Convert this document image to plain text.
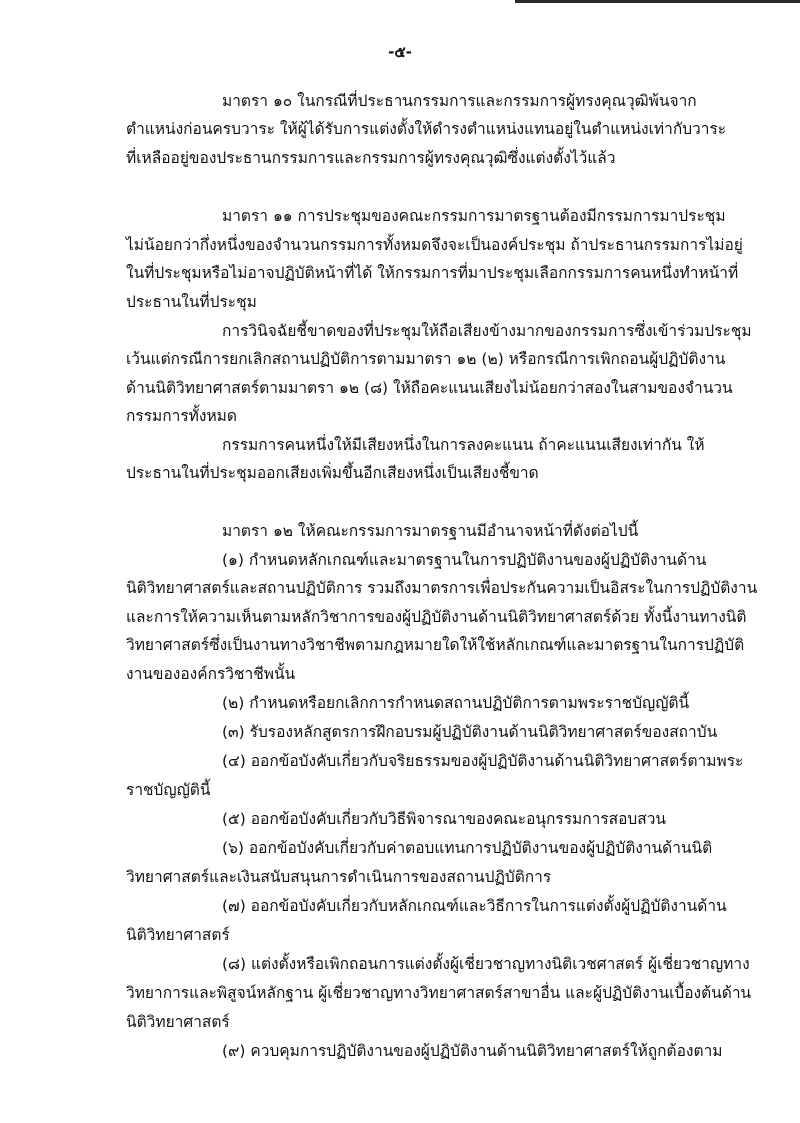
-๕-
มาตรา ๑๐ ในกรณีที่ประธานกรรมการและกรรมการผู้ทรงคุณวุฒิพ้นจาก
ตำแหน่งก่อนครบวาระ ให้ผู้ได้รับการแต่งตั้งให้ดำรงตำแหน่งแทนอยู่ในตำแหน่งเท่ากับวาระ
ที่เหลืออยู่ของประธานกรรมการและกรรมการผู้ทรงคุณวุฒิซึ่งแต่งตั้งไว้แล้ว
มาตรา ๑๑ การประชุมของคณะกรรมการมาตรฐานต้องมีกรรมการมาประชุม
ไม่น้อยกว่ากึ่งหนึ่งของจำนวนกรรมการทั้งหมดจึงจะเป็นองค์ประชุม ถ้าประธานกรรมการไม่อยู่
ในที่ประชุมหรือไม่อาจปฏิบัติหน้าที่ได้ ให้กรรมการที่มาประชุมเลือกกรรมการคนหนึ่งทำหน้าที่
ประธานในที่ประชุม
การวินิจฉัยชี้ขาดของที่ประชุมให้ถือเสียงข้างมากของกรรมการซึ่งเข้าร่วมประชุม
เว้นแต่กรณีการยกเลิกสถานปฏิบัติการตามมาตรา ๑๒ (๒) หรือกรณีการเพิกถอนผู้ปฏิบัติงาน
ด้านนิติวิทยาศาสตร์ตามมาตรา ๑๒ (๘) ให้ถือคะแนนเสียงไม่น้อยกว่าสองในสามของจำนวน
กรรมการทั้งหมด
กรรมการคนหนึ่งให้มีเสียงหนึ่งในการลงคะแนน ถ้าคะแนนเสียงเท่ากัน ให้
ประธานในที่ประชุมออกเสียงเพิ่มขึ้นอีกเสียงหนึ่งเป็นเสียงชี้ขาด
มาตรา ๑๒ ให้คณะกรรมการมาตรฐานมีอำนาจหน้าที่ดังต่อไปนี้
(๑) กำหนดหลักเกณฑ์และมาตรฐานในการปฏิบัติงานของผู้ปฏิบัติงานด้าน
นิติวิทยาศาสตร์และสถานปฏิบัติการ รวมถึงมาตรการเพื่อประกันความเป็นอิสระในการปฏิบัติงาน
และการให้ความเห็นตามหลักวิชาการของผู้ปฏิบัติงานด้านนิติวิทยาศาสตร์ด้วย ทั้งนี้งานทางนิติ
วิทยาศาสตร์ซึ่งเป็นงานทางวิชาชีพตามกฎหมายใดให้ใช้หลักเกณฑ์และมาตรฐานในการปฏิบัติ
งานขององค์กรวิชาชีพนั้น
(๒) กำหนดหรือยกเลิกการกำหนดสถานปฏิบัติการตามพระราชบัญญัตินี้
(๓) รับรองหลักสูตรการฝึกอบรมผู้ปฏิบัติงานด้านนิติวิทยาศาสตร์ของสถาบัน
(๔) ออกข้อบังคับเกี่ยวกับจริยธรรมของผู้ปฏิบัติงานด้านนิติวิทยาศาสตร์ตามพระ
ราชบัญญัตินี้
(๕) ออกข้อบังคับเกี่ยวกับวิธีพิจารณาของคณะอนุกรรมการสอบสวน
(๖) ออกข้อบังคับเกี่ยวกับค่าตอบแทนการปฏิบัติงานของผู้ปฏิบัติงานด้านนิติ
วิทยาศาสตร์และเงินสนับสนุนการดำเนินการของสถานปฏิบัติการ
(๗) ออกข้อบังคับเกี่ยวกับหลักเกณฑ์และวิธีการในการแต่งตั้งผู้ปฏิบัติงานด้าน
นิติวิทยาศาสตร์
(๘) แต่งตั้งหรือเพิกถอนการแต่งตั้งผู้เชี่ยวชาญทางนิติเวชศาสตร์ ผู้เชี่ยวชาญทาง
วิทยาการและพิสูจน์หลักฐาน ผู้เชี่ยวชาญทางวิทยาศาสตร์สาขาอื่น และผู้ปฏิบัติงานเบื้องต้นด้าน
นิติวิทยาศาสตร์
(๙) ควบคุมการปฏิบัติงานของผู้ปฏิบัติงานด้านนิติวิทยาศาสตร์ให้ถูกต้องตาม
